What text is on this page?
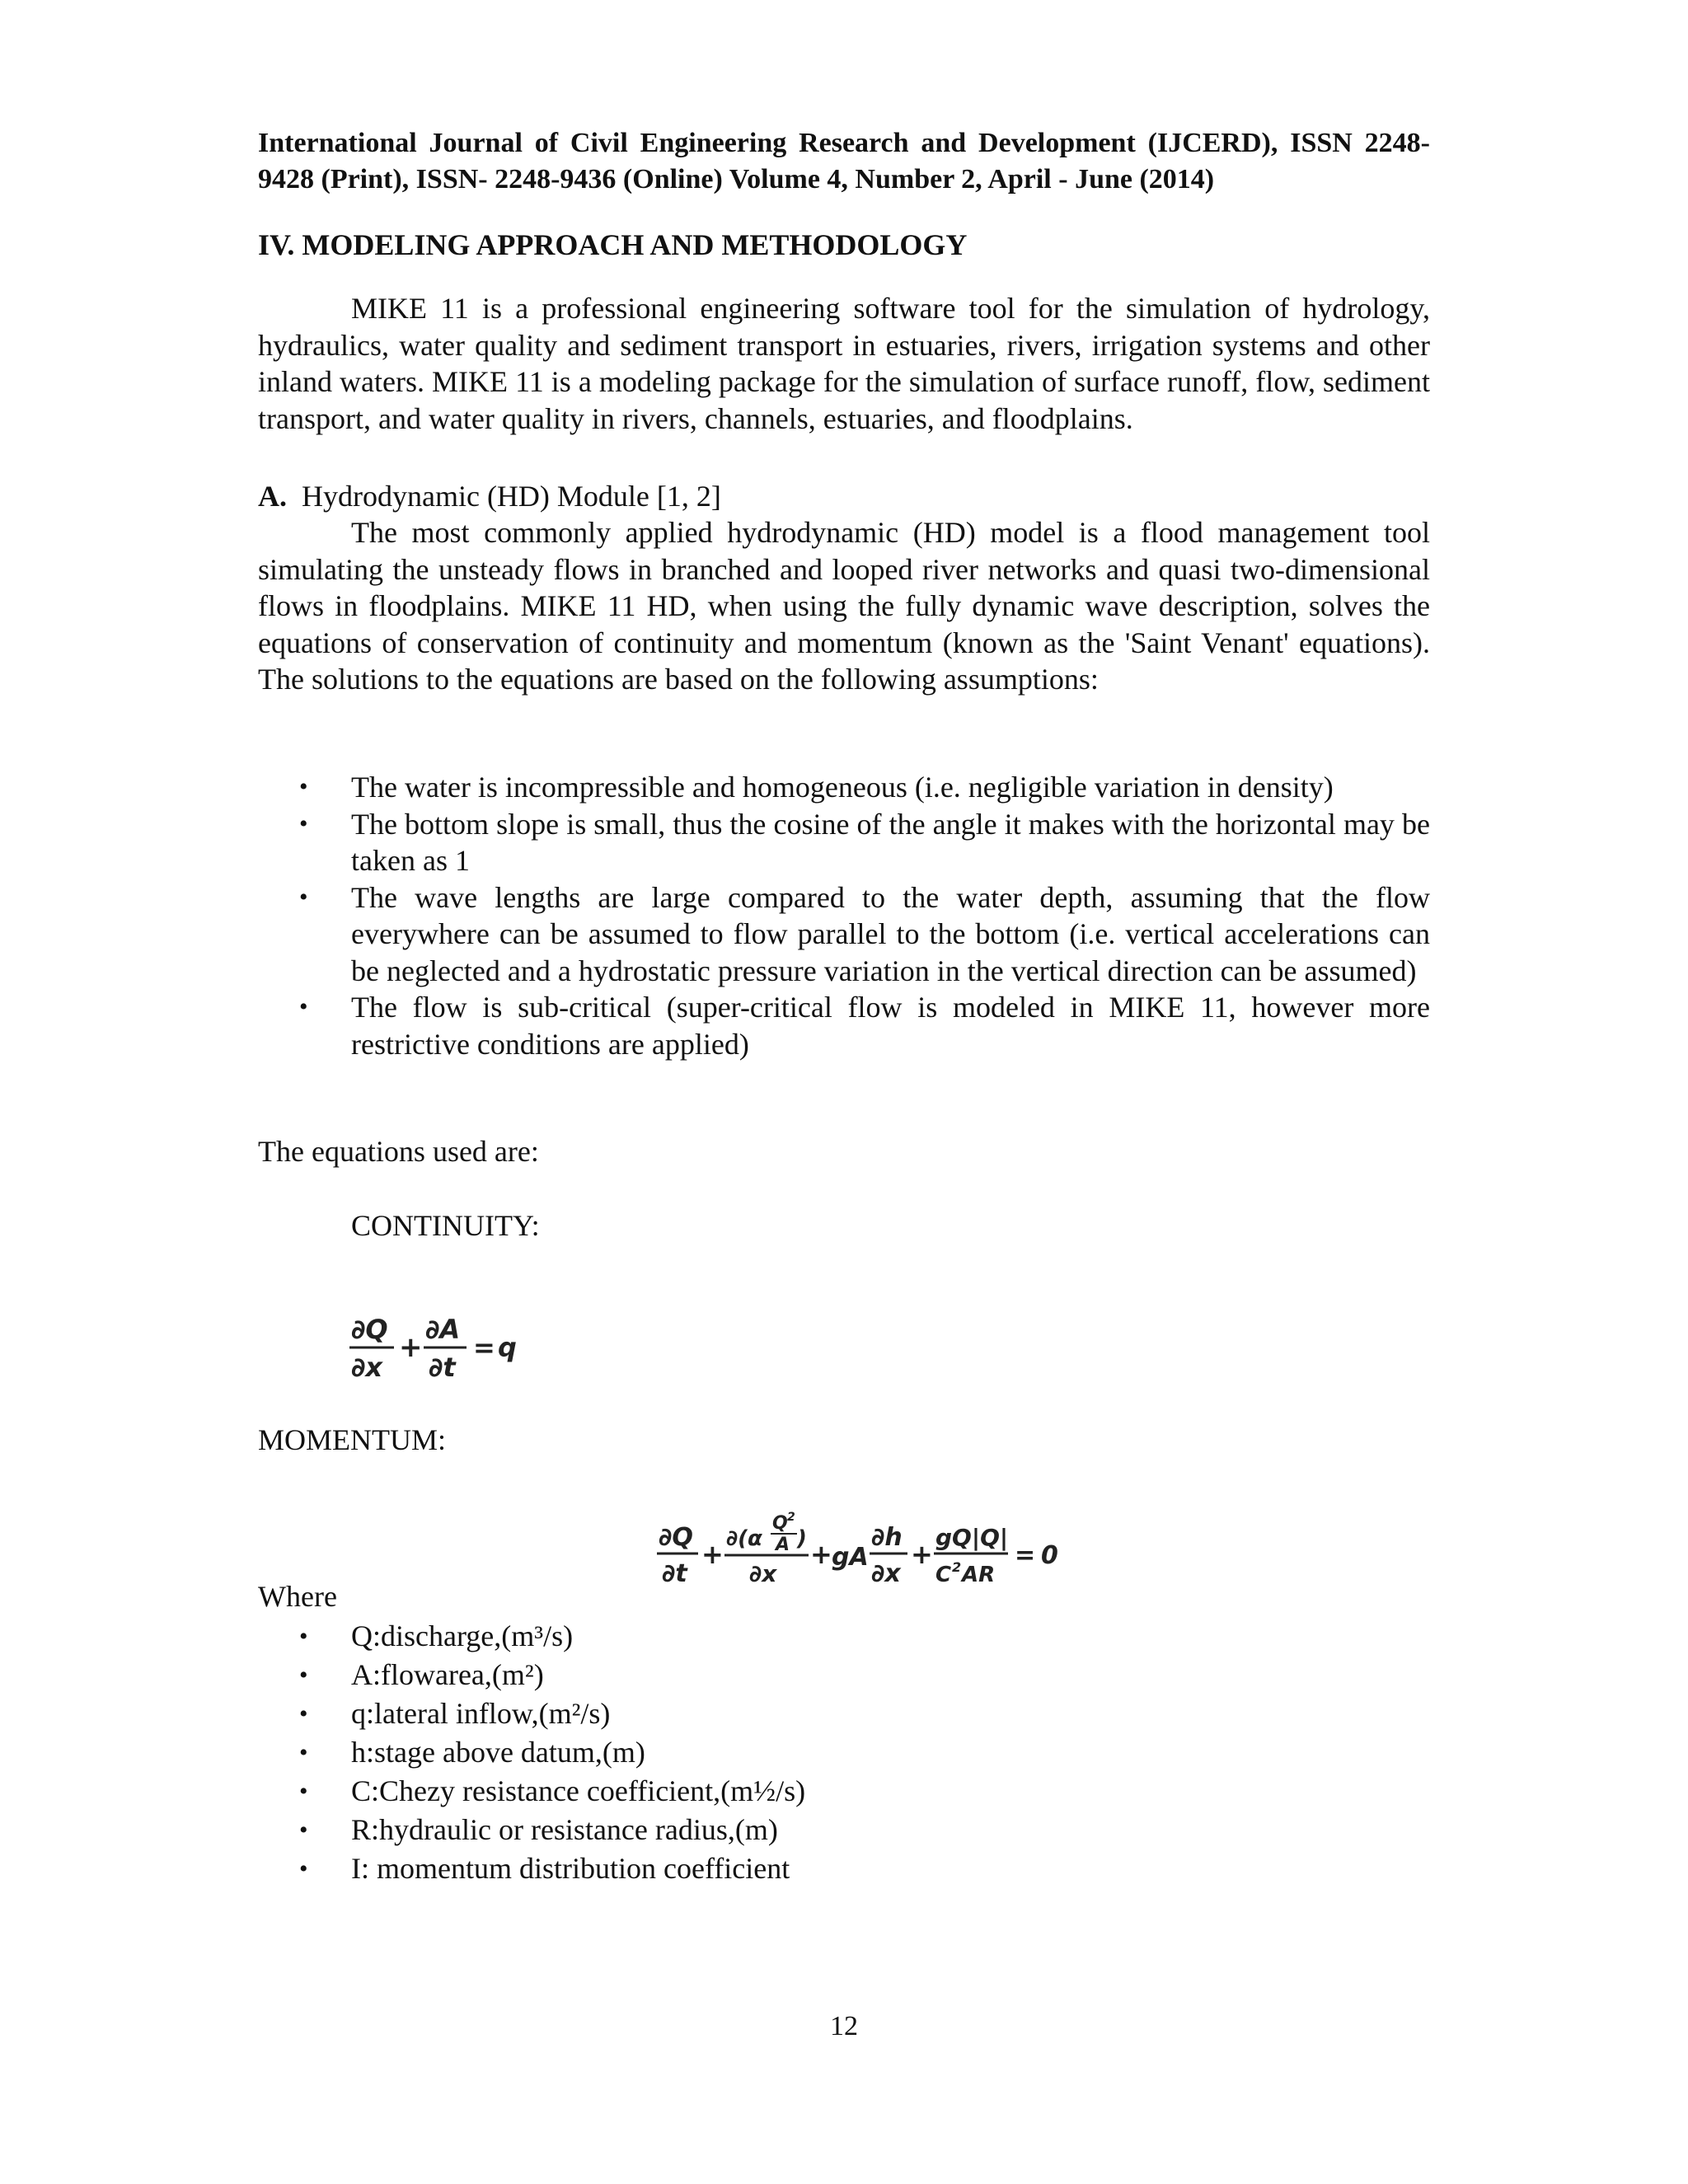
International Journal of Civil Engineering Research and Development (IJCERD), ISSN 2248-9428 (Print), ISSN- 2248-9436 (Online) Volume 4, Number 2, April - June (2014)
IV. MODELING APPROACH AND METHODOLOGY
MIKE 11 is a professional engineering software tool for the simulation of hydrology, hydraulics, water quality and sediment transport in estuaries, rivers, irrigation systems and other inland waters. MIKE 11 is a modeling package for the simulation of surface runoff, flow, sediment transport, and water quality in rivers, channels, estuaries, and floodplains.
A. Hydrodynamic (HD) Module [1, 2]
The most commonly applied hydrodynamic (HD) model is a flood management tool simulating the unsteady flows in branched and looped river networks and quasi two-dimensional flows in floodplains. MIKE 11 HD, when using the fully dynamic wave description, solves the equations of conservation of continuity and momentum (known as the 'Saint Venant' equations). The solutions to the equations are based on the following assumptions:
• The water is incompressible and homogeneous (i.e. negligible variation in density)
• The bottom slope is small, thus the cosine of the angle it makes with the horizontal may be taken as 1
• The wave lengths are large compared to the water depth, assuming that the flow everywhere can be assumed to flow parallel to the bottom (i.e. vertical accelerations can be neglected and a hydrostatic pressure variation in the vertical direction can be assumed)
• The flow is sub-critical (super-critical flow is modeled in MIKE 11, however more restrictive conditions are applied)
The equations used are:
CONTINUITY:
∂Q
∂x
+
∂A
∂t
= q
MOMENTUM:
∂Q
∂t
+ ∂(α
Q 2
A )
∂x
+ gA
∂h
∂x
+
gQ|Q|
C 2 AR
= 0
Where
• Q:discharge,(m³/s)
• A:flowarea,(m²)
• q:lateral inflow,(m²/s)
• h:stage above datum,(m)
• C:Chezy resistance coefficient,(m½/s)
• R:hydraulic or resistance radius,(m)
• I: momentum distribution coefficient
12
